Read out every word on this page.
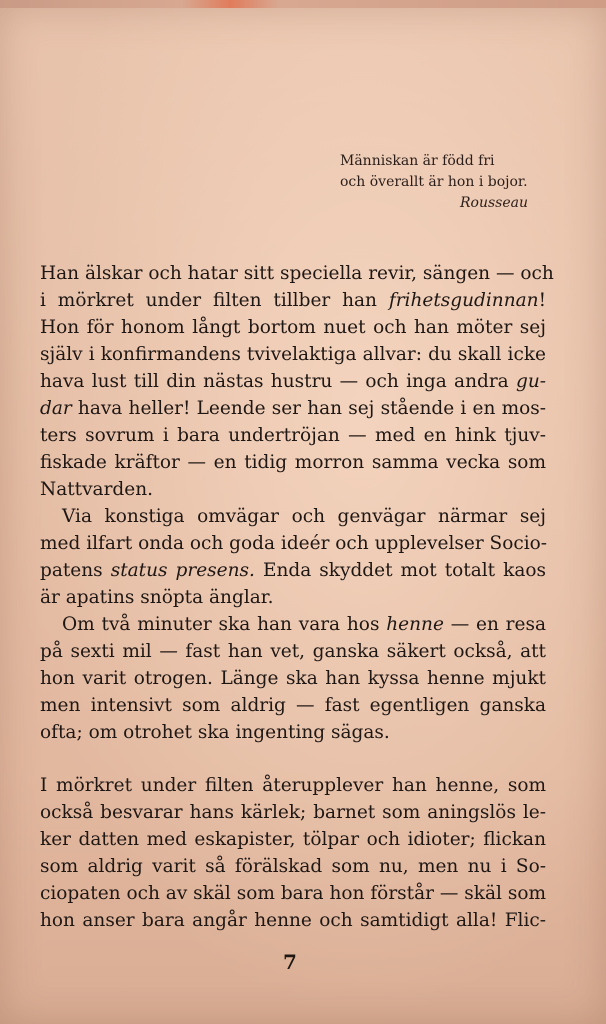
Människan är född fri
och överallt är hon i bojor.
Rousseau

Han älskar och hatar sitt speciella revir, sängen — och
i mörkret under filten tillber han frihetsgudinnan!
Hon för honom långt bortom nuet och han möter sej
själv i konfirmandens tvivelaktiga allvar: du skall icke
hava lust till din nästas hustru — och inga andra gu-
dar hava heller! Leende ser han sej stående i en mos-
ters sovrum i bara undertröjan — med en hink tjuv-
fiskade kräftor — en tidig morron samma vecka som
Nattvarden.

Via konstiga omvägar och genvägar närmar sej
med ilfart onda och goda ideér och upplevelser Socio-
patens status presens. Enda skyddet mot totalt kaos
är apatins snöpta änglar.

Om två minuter ska han vara hos henne — en resa
på sexti mil — fast han vet, ganska säkert också, att
hon varit otrogen. Länge ska han kyssa henne mjukt
men intensivt som aldrig — fast egentligen ganska
ofta; om otrohet ska ingenting sägas.

I mörkret under filten återupplever han henne, som
också besvarar hans kärlek; barnet som aningslös le-
ker datten med eskapister, tölpar och idioter; flickan
som aldrig varit så förälskad som nu, men nu i So-
ciopaten och av skäl som bara hon förstår — skäl som
hon anser bara angår henne och samtidigt alla! Flic-

7
